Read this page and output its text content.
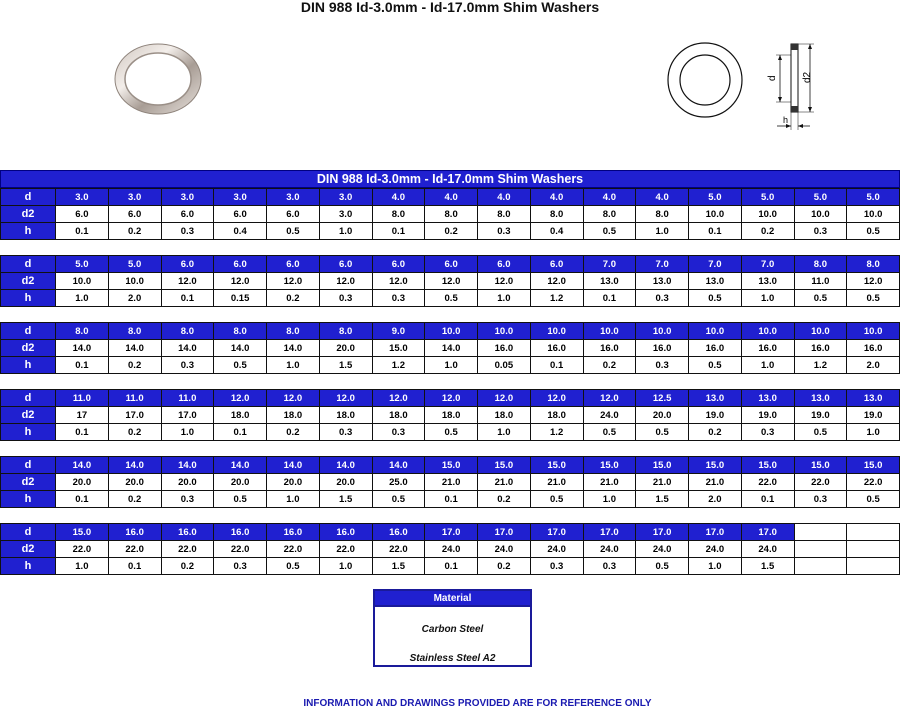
DIN 988 Id-3.0mm - Id-17.0mm Shim Washers
d d2
h
DIN 988 Id-3.0mm - Id-17.0mm Shim Washers
d	3.0	3.0	3.0	3.0	3.0	3.0	4.0	4.0	4.0	4.0	4.0	4.0	5.0	5.0	5.0	5.0
d2	6.0	6.0	6.0	6.0	6.0	3.0	8.0	8.0	8.0	8.0	8.0	8.0	10.0	10.0	10.0	10.0
h	0.1	0.2	0.3	0.4	0.5	1.0	0.1	0.2	0.3	0.4	0.5	1.0	0.1	0.2	0.3	0.5
d	5.0	5.0	6.0	6.0	6.0	6.0	6.0	6.0	6.0	6.0	7.0	7.0	7.0	7.0	8.0	8.0
d2	10.0	10.0	12.0	12.0	12.0	12.0	12.0	12.0	12.0	12.0	13.0	13.0	13.0	13.0	11.0	12.0
h	1.0	2.0	0.1	0.15	0.2	0.3	0.3	0.5	1.0	1.2	0.1	0.3	0.5	1.0	0.5	0.5
d	8.0	8.0	8.0	8.0	8.0	8.0	9.0	10.0	10.0	10.0	10.0	10.0	10.0	10.0	10.0	10.0
d2	14.0	14.0	14.0	14.0	14.0	20.0	15.0	14.0	16.0	16.0	16.0	16.0	16.0	16.0	16.0	16.0
h	0.1	0.2	0.3	0.5	1.0	1.5	1.2	1.0	0.05	0.1	0.2	0.3	0.5	1.0	1.2	2.0
d	11.0	11.0	11.0	12.0	12.0	12.0	12.0	12.0	12.0	12.0	12.0	12.5	13.0	13.0	13.0	13.0
d2	17	17.0	17.0	18.0	18.0	18.0	18.0	18.0	18.0	18.0	24.0	20.0	19.0	19.0	19.0	19.0
h	0.1	0.2	1.0	0.1	0.2	0.3	0.3	0.5	1.0	1.2	0.5	0.5	0.2	0.3	0.5	1.0
d	14.0	14.0	14.0	14.0	14.0	14.0	14.0	15.0	15.0	15.0	15.0	15.0	15.0	15.0	15.0	15.0
d2	20.0	20.0	20.0	20.0	20.0	20.0	25.0	21.0	21.0	21.0	21.0	21.0	21.0	22.0	22.0	22.0
h	0.1	0.2	0.3	0.5	1.0	1.5	0.5	0.1	0.2	0.5	1.0	1.5	2.0	0.1	0.3	0.5
d	15.0	16.0	16.0	16.0	16.0	16.0	16.0	17.0	17.0	17.0	17.0	17.0	17.0	17.0		
d2	22.0	22.0	22.0	22.0	22.0	22.0	22.0	24.0	24.0	24.0	24.0	24.0	24.0	24.0		
h	1.0	0.1	0.2	0.3	0.5	1.0	1.5	0.1	0.2	0.3	0.3	0.5	1.0	1.5		
Material
Carbon Steel
Stainless Steel A2
INFORMATION AND DRAWINGS PROVIDED ARE FOR REFERENCE ONLY
